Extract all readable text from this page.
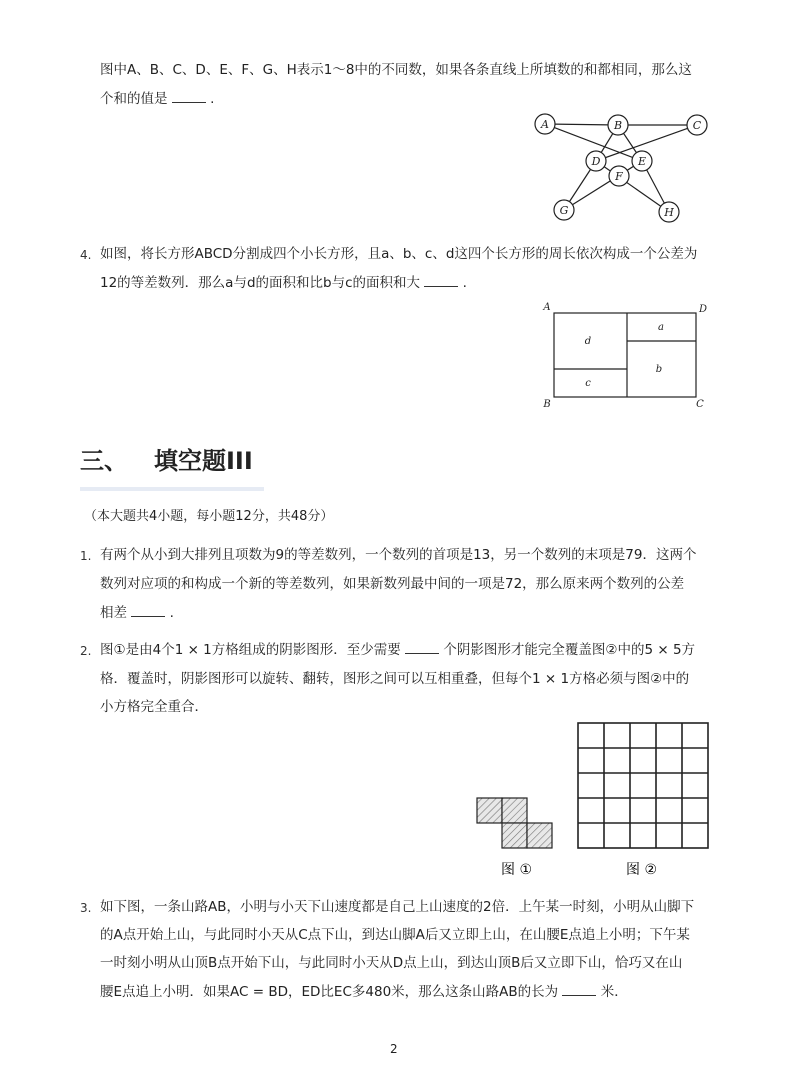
图中A、B、C、D、E、F、G、H表示1～8中的不同数，如果各条直线上所填数的和都相同，那么这
个和的值是	.
A	B	C
D	E
F
G	H
4. 如图，将长方形ABCD分割成四个小长方形，且a、b、c、d这四个长方形的周长依次构成一个公差为
12的等差数列．那么a与d的面积和比b与c的面积和大	.
A	D
B	C
d
a
b
c
三、 填空题III
（本大题共4小题，每小题12分，共48分）
1. 有两个从小到大排列且项数为9的等差数列，一个数列的首项是13，另一个数列的末项是79．这两个
数列对应项的和构成一个新的等差数列，如果新数列最中间的一项是72，那么原来两个数列的公差
相差	.
2. 图①是由4个1 × 1方格组成的阴影图形．至少需要	个阴影图形才能完全覆盖图②中的5 × 5方
格．覆盖时，阴影图形可以旋转、翻转，图形之间可以互相重叠，但每个1 × 1方格必须与图②中的
小方格完全重合．
图 ①	图 ②
3. 如下图，一条山路AB，小明与小天下山速度都是自己上山速度的2倍．上午某一时刻，小明从山脚下
的A点开始上山，与此同时小天从C点下山，到达山脚A后又立即上山，在山腰E点追上小明；下午某
一时刻小明从山顶B点开始下山，与此同时小天从D点上山，到达山顶B后又立即下山，恰巧又在山
腰E点追上小明．如果AC = BD，ED比EC多480米，那么这条山路AB的长为	米．
2
